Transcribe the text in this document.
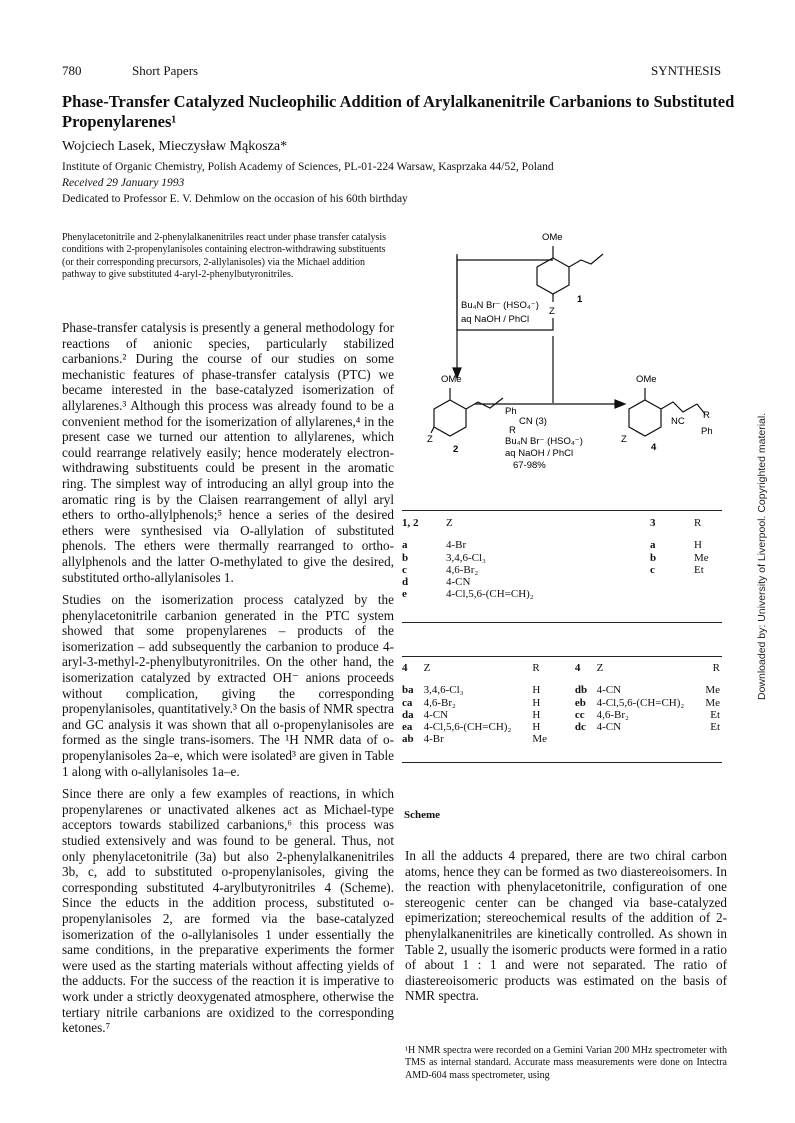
780	Short Papers	SYNTHESIS
Phase-Transfer Catalyzed Nucleophilic Addition of Arylalkanenitrile Carbanions to Substituted Propenylarenes¹
Wojciech Lasek, Mieczysław Mąkosza*
Institute of Organic Chemistry, Polish Academy of Sciences, PL-01-224 Warsaw, Kasprzaka 44/52, Poland
Received 29 January 1993
Dedicated to Professor E. V. Dehmlow on the occasion of his 60th birthday
Phenylacetonitrile and 2-phenylalkanenitriles react under phase transfer catalysis conditions with 2-propenylanisoles containing electron-withdrawing substituents (or their corresponding precursors, 2-allylanisoles) via the Michael addition pathway to give substituted 4-aryl-2-phenylbutyronitriles.

Phase-transfer catalysis is presently a general methodology for reactions of anionic species, particularly stabilized carbanions.² During the course of our studies on some mechanistic features of phase-transfer catalysis (PTC) we became interested in the base-catalyzed isomerization of allylarenes.³ Although this process was already found to be a convenient method for the isomerization of allylarenes,⁴ in the present case we turned our attention to allylarenes, which could rearrange relatively easily; hence moderately electron-withdrawing substituents could be present in the aromatic ring. The simplest way of introducing an allyl group into the aromatic ring is by the Claisen rearrangement of allyl aryl ethers to ortho-allylphenols;⁵ hence a series of the desired ethers were synthesised via O-allylation of substituted phenols. The ethers were thermally rearranged to ortho-allylphenols and the latter O-methylated to give the desired, substituted ortho-allylanisoles 1.

Studies on the isomerization process catalyzed by the phenylacetonitrile carbanion generated in the PTC system showed that some propenylarenes – products of the isomerization – add subsequently the carbanion to produce 4-aryl-3-methyl-2-phenylbutyronitriles. On the other hand, the isomerization catalyzed by extracted OH⁻ anions proceeds without complication, giving the corresponding propenylanisoles, quantitatively.³ On the basis of NMR spectra and GC analysis it was shown that all o-propenylanisoles are formed as the single trans-isomers. The ¹H NMR data of o-propenylanisoles 2a–e, which were isolated³ are given in Table 1 along with o-allylanisoles 1a–e.

Since there are only a few examples of reactions, in which propenylarenes or unactivated alkenes act as Michael-type acceptors towards stabilized carbanions,⁶ this process was studied extensively and was found to be general. Thus, not only phenylacetonitrile (3a) but also 2-phenylalkanenitriles 3b, c, add to substituted o-propenylanisoles, giving the corresponding substituted 4-arylbutyronitriles 4 (Scheme). Since the educts in the addition process, substituted o-propenylanisoles 2, are formed via the base-catalyzed isomerization of the o-allylanisoles 1 under essentially the same conditions, in the preparative experiments the former were used as the starting materials without affecting yields of the adducts. For the success of the reaction it is imperative to work under a strictly deoxygenated atmosphere, otherwise the tertiary nitrile carbanions are oxidized to the corresponding ketones.⁷

OMe
Z
1
Bu₄N Br⁻ (HSO₄⁻)
aq NaOH / PhCl
OMe
Z
2
Ph
CN (3)
R
Bu₄N Br⁻ (HSO₄⁻)
aq NaOH / PhCl
67-98%
OMe
Z
4
NC
R
Ph
1, 2	Z	3	R

a	4-Br	a	H
b	3,4,6-Cl₃	b	Me
c	4,6-Br₂	c	Et
d	4-CN		
e	4-Cl,5,6-(CH=CH)₂		
4	Z	R	4	Z	R

ba	3,4,6-Cl₃	H	db	4-CN	Me
ca	4,6-Br₂	H	eb	4-Cl,5,6-(CH=CH)₂	Me
da	4-CN	H	cc	4,6-Br₂	Et
ea	4-Cl,5,6-(CH=CH)₂	H	dc	4-CN	Et
ab	4-Br	Me			
Scheme

In all the adducts 4 prepared, there are two chiral carbon atoms, hence they can be formed as two diastereoisomers. In the reaction with phenylacetonitrile, configuration of one stereogenic center can be changed via base-catalyzed epimerization; stereochemical results of the addition of 2-phenylalkanenitriles are kinetically controlled. As shown in Table 2, usually the isomeric products were formed in a ratio of about 1 : 1 and were not separated. The ratio of diastereoisomeric products was estimated on the basis of NMR spectra.

¹H NMR spectra were recorded on a Gemini Varian 200 MHz spectrometer with TMS as internal standard. Accurate mass measurements were done on Intectra AMD-604 mass spectrometer, using
Downloaded by: University of Liverpool. Copyrighted material.
